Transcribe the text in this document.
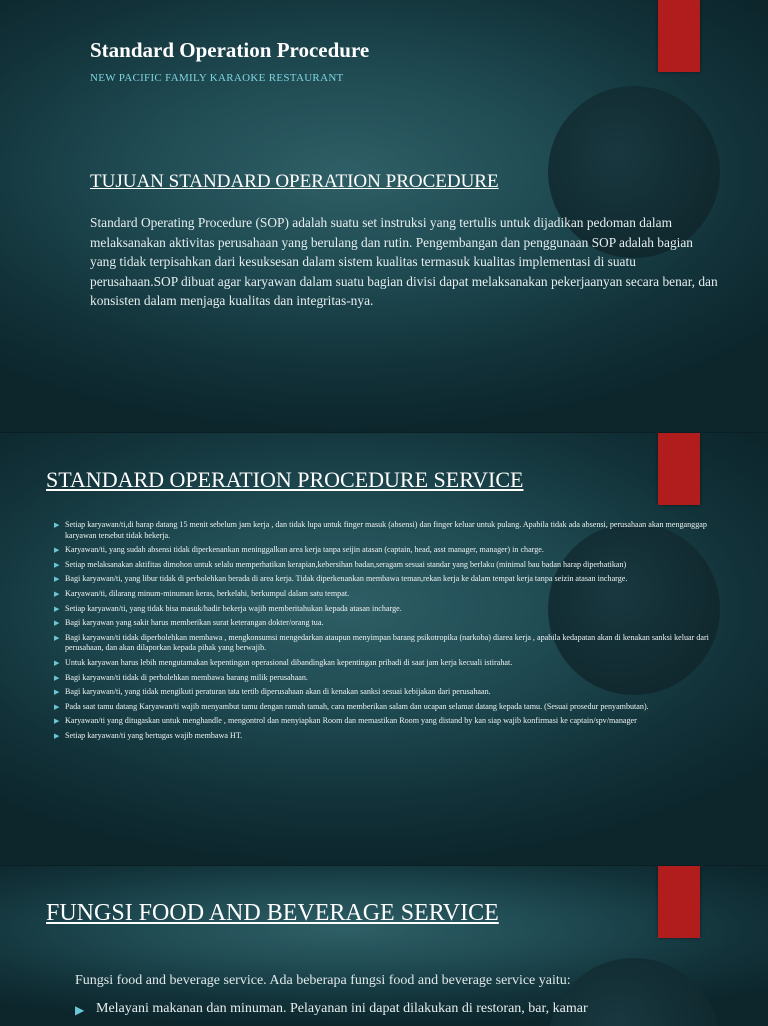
Standard Operation Procedure
NEW PACIFIC FAMILY KARAOKE RESTAURANT
TUJUAN STANDARD OPERATION PROCEDURE

Standard Operating Procedure (SOP) adalah suatu set instruksi yang tertulis untuk dijadikan pedoman dalam melaksanakan aktivitas perusahaan yang berulang dan rutin. Pengembangan dan penggunaan SOP adalah bagian yang tidak terpisahkan dari kesuksesan dalam sistem kualitas termasuk kualitas implementasi di suatu perusahaan.SOP dibuat agar karyawan dalam suatu bagian divisi dapat melaksanakan pekerjaanyan secara benar, dan konsisten dalam menjaga kualitas dan integritas-nya.

STANDARD OPERATION PROCEDURE SERVICE
▶ Setiap karyawan/ti,di harap datang 15 menit sebelum jam kerja , dan tidak lupa untuk finger masuk (absensi) dan finger keluar untuk pulang. Apabila tidak ada absensi, perusahaan akan menganggap karyawan tersebut tidak bekerja.
▶ Karyawan/ti, yang sudah absensi tidak diperkenankan meninggalkan area kerja tanpa seijin atasan (captain, head, asst manager, manager) in charge.
▶ Setiap melaksanakan aktifitas dimohon untuk selalu memperhatikan kerapian,kebersihan badan,seragam sesuai standar yang berlaku (minimal bau badan harap diperhatikan)
▶ Bagi karyawan/ti, yang libur tidak di perbolehkan berada di area kerja. Tidak diperkenankan membawa teman,rekan kerja ke dalam tempat kerja tanpa seizin atasan incharge.
▶ Karyawan/ti, dilarang minum-minuman keras, berkelahi, berkumpul dalam satu tempat.
▶ Setiap karyawan/ti, yang tidak bisa masuk/hadir bekerja wajib memberitahukan kepada atasan incharge.
▶ Bagi karyawan yang sakit harus memberikan surat keterangan dokter/orang tua.
▶ Bagi karyawan/ti tidak diperbolehkan membawa , mengkonsumsi mengedarkan ataupun menyimpan barang psikotropika (narkoba) diarea kerja , apabila kedapatan akan di kenakan sanksi keluar dari perusahaan, dan akan dilaporkan kepada pihak yang berwajib.
▶ Untuk karyawan harus lebih mengutamakan kepentingan operasional dibandingkan kepentingan pribadi di saat jam kerja kecuali istirahat.
▶ Bagi karyawan/ti tidak di perbolehkan membawa barang milik perusahaan.
▶ Bagi karyawan/ti, yang tidak mengikuti peraturan tata tertib diperusahaan akan di kenakan sanksi sesuai kebijakan dari perusahaan.
▶ Pada saat tamu datang Karyawan/ti wajib menyambut tamu dengan ramah tamah, cara memberikan salam dan ucapan selamat datang kepada tamu. (Sesuai prosedur penyambutan).
▶ Karyawan/ti yang ditugaskan untuk menghandle , mengontrol dan menyiapkan Room dan memastikan Room yang distand by kan siap wajib konfirmasi ke captain/spv/manager
▶ Setiap karyawan/ti yang bertugas wajib membawa HT.
FUNGSI FOOD AND BEVERAGE SERVICE

Fungsi food and beverage service. Ada beberapa fungsi food and beverage service yaitu:

▶ Melayani makanan dan minuman. Pelayanan ini dapat dilakukan di restoran, bar, kamar
